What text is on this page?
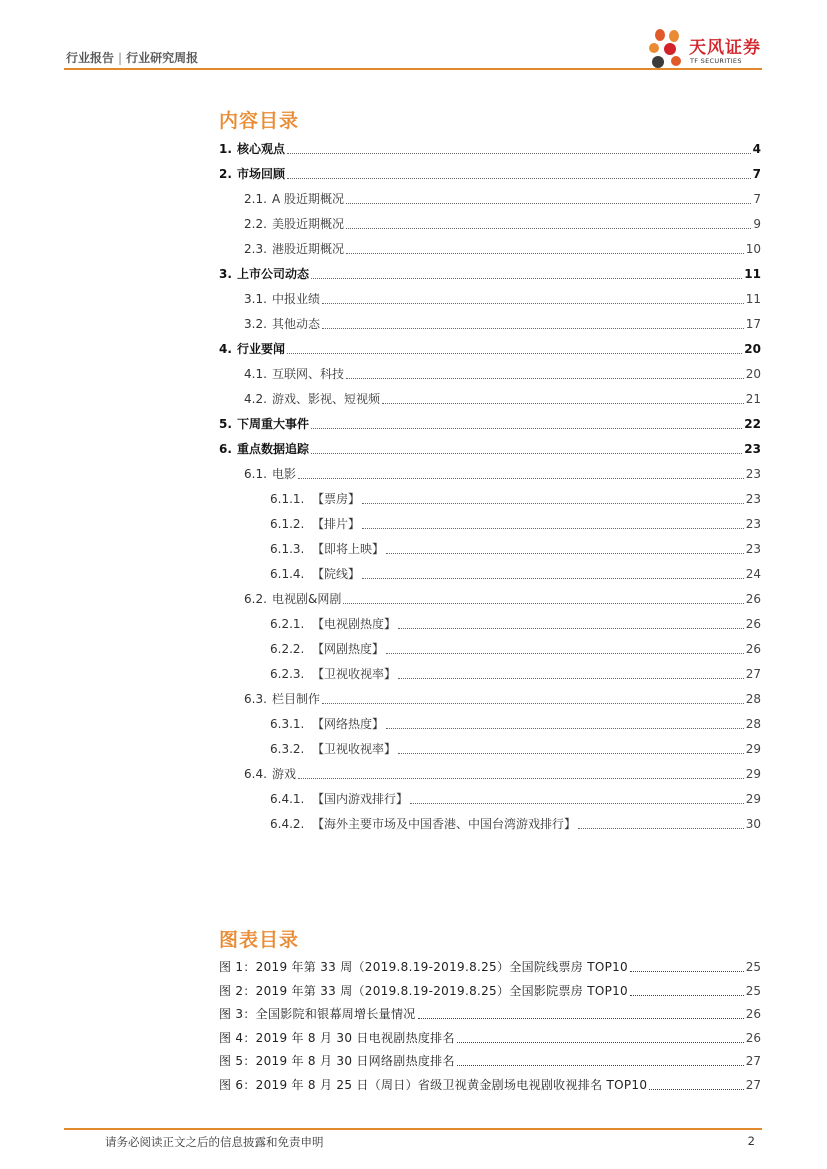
行业报告 | 行业研究周报	天风证券
TF SECURITIES
内容目录
1. 核心观点	4
2. 市场回顾	7
2.1. A 股近期概况	7
2.2. 美股近期概况	9
2.3. 港股近期概况	10
3. 上市公司动态	11
3.1. 中报业绩	11
3.2. 其他动态	17
4. 行业要闻	20
4.1. 互联网、科技	20
4.2. 游戏、影视、短视频	21
5. 下周重大事件	22
6. 重点数据追踪	23
6.1. 电影	23
6.1.1. 【票房】	23
6.1.2. 【排片】	23
6.1.3. 【即将上映】	23
6.1.4. 【院线】	24
6.2. 电视剧&网剧	26
6.2.1. 【电视剧热度】	26
6.2.2. 【网剧热度】	26
6.2.3. 【卫视收视率】	27
6.3. 栏目制作	28
6.3.1. 【网络热度】	28
6.3.2. 【卫视收视率】	29
6.4. 游戏	29
6.4.1. 【国内游戏排行】	29
6.4.2. 【海外主要市场及中国香港、中国台湾游戏排行】	30
图表目录
图 1： 2019 年第 33 周（2019.8.19-2019.8.25）全国院线票房 TOP10	25
图 2： 2019 年第 33 周（2019.8.19-2019.8.25）全国影院票房 TOP10	25
图 3： 全国影院和银幕周增长量情况	26
图 4： 2019 年 8 月 30 日电视剧热度排名	26
图 5： 2019 年 8 月 30 日网络剧热度排名	27
图 6： 2019 年 8 月 25 日（周日）省级卫视黄金剧场电视剧收视排名 TOP10	27
请务必阅读正文之后的信息披露和免责申明	2
